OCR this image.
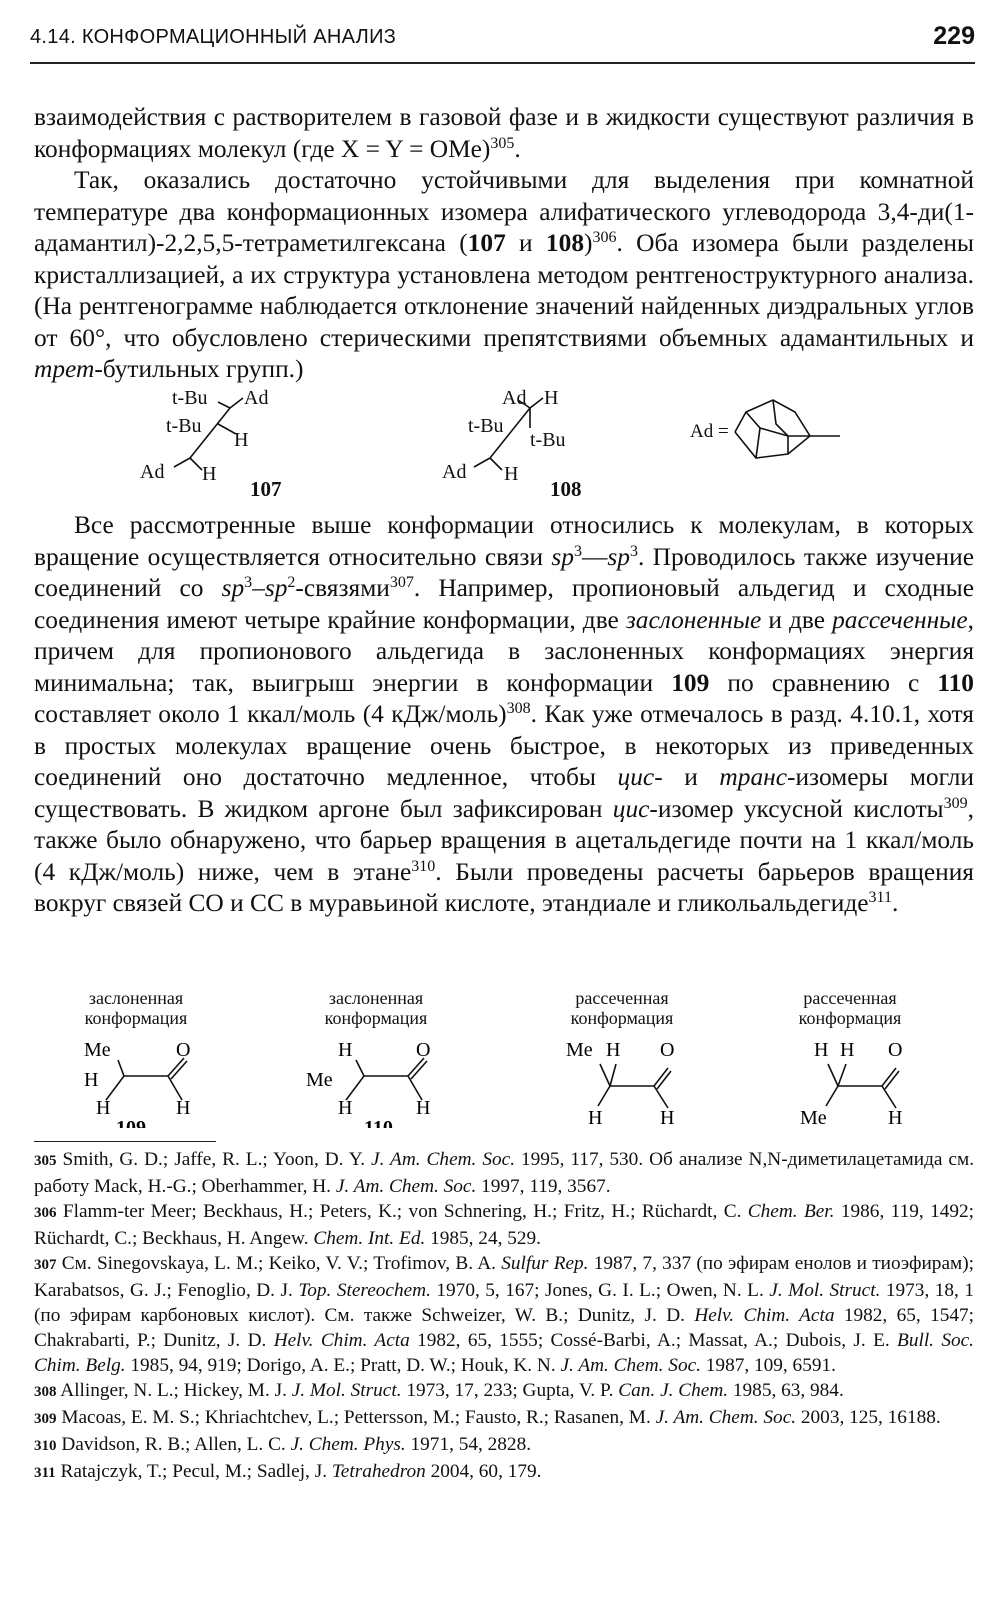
4.14. КОНФОРМАЦИОННЫЙ АНАЛИЗ	229

взаимодействия с растворителем в газовой фазе и в жидкости существуют различия в конформациях молекул (где X = Y = OMe)$^{305}$.

Так, оказались достаточно устойчивыми для выделения при комнатной температуре два конформационных изомера алифатического углеводорода 3,4-ди(1-адамантил)-2,2,5,5-тетраметилгексана (107 и 108)$^{306}$. Оба изомера были разделены кристаллизацией, а их структура установлена методом рентгеноструктурного анализа. (На рентгенограмме наблюдается отклонение значений найденных диэдральных углов от 60°, что обусловлено стерическими препятствиями объемных адамантильных и трет-бутильных групп.)

t-Bu Ad
t-Bu
H
Ad H
107
Ad H
t-Bu
t-Bu
Ad H
108
Ad =

Все рассмотренные выше конформации относились к молекулам, в которых вращение осуществляется относительно связи $sp^3—sp^3$. Проводилось также изучение соединений со $sp^3-sp^2-связями^{307}$. Например, пропионовый альдегид и сходные соединения имеют четыре крайние конформации, две заслоненные и две рассеченные, причем для пропионового альдегида в заслоненных конформациях энергия минимальна; так, выигрыш энергии в конформации 109 по сравнению с 110 составляет около 1 ккал/моль (4 кДж/моль)$^{308}$. Как уже отмечалось в разд. 4.10.1, хотя в простых молекулах вращение очень быстрое, в некоторых из приведенных соединений оно достаточно медленное, чтобы цис- и транс-изомеры могли существовать. В жидком аргоне был зафиксирован цис-изомер уксусной кислоты$^{309}$, также было обнаружено, что барьер вращения в ацетальдегиде почти на 1 ккал/моль (4 кДж/моль) ниже, чем в этане$^{310}$. Были проведены расчеты барьеров вращения вокруг связей CO и CC в муравьиной кислоте, этандиале и гликольальдегиде$^{311}$.

заслоненная
конформация
Me	O
H
H	H
109
заслоненная
конформация
H	O
Me
H	H
110
рассеченная
конформация
Me H O
H	H
рассеченная
конформация
H H O
Me	H

305 Smith, G. D.; Jaffe, R. L.; Yoon, D. Y. J. Am. Chem. Soc. 1995, 117, 530. Об анализе N,N-диметилацетамида см. работу Mack, H.-G.; Oberhammer, H. J. Am. Chem. Soc. 1997, 119, 3567.

306 Flamm-ter Meer; Beckhaus, H.; Peters, K.; von Schnering, H.; Fritz, H.; Rüchardt, C. Chem. Ber. 1986, 119, 1492; Rüchardt, C.; Beckhaus, H. Angew. Chem. Int. Ed. 1985, 24, 529.

307 См. Sinegovskaya, L. M.; Keiko, V. V.; Trofimov, B. A. Sulfur Rep. 1987, 7, 337 (по эфирам енолов и тиоэфирам); Karabatsos, G. J.; Fenoglio, D. J. Top. Stereochem. 1970, 5, 167; Jones, G. I. L.; Owen, N. L. J. Mol. Struct. 1973, 18, 1 (по эфирам карбоновых кислот). См. также Schweizer, W. B.; Dunitz, J. D. Helv. Chim. Acta 1982, 65, 1547; Chakrabarti, P.; Dunitz, J. D. Helv. Chim. Acta 1982, 65, 1555; Cossé-Barbi, A.; Massat, A.; Dubois, J. E. Bull. Soc. Chim. Belg. 1985, 94, 919; Dorigo, A. E.; Pratt, D. W.; Houk, K. N. J. Am. Chem. Soc. 1987, 109, 6591.

308 Allinger, N. L.; Hickey, M. J. J. Mol. Struct. 1973, 17, 233; Gupta, V. P. Can. J. Chem. 1985, 63, 984.

309 Macoas, E. M. S.; Khriachtchev, L.; Pettersson, M.; Fausto, R.; Rasanen, M. J. Am. Chem. Soc. 2003, 125, 16188.

310 Davidson, R. B.; Allen, L. C. J. Chem. Phys. 1971, 54, 2828.

311 Ratajczyk, T.; Pecul, M.; Sadlej, J. Tetrahedron 2004, 60, 179.
